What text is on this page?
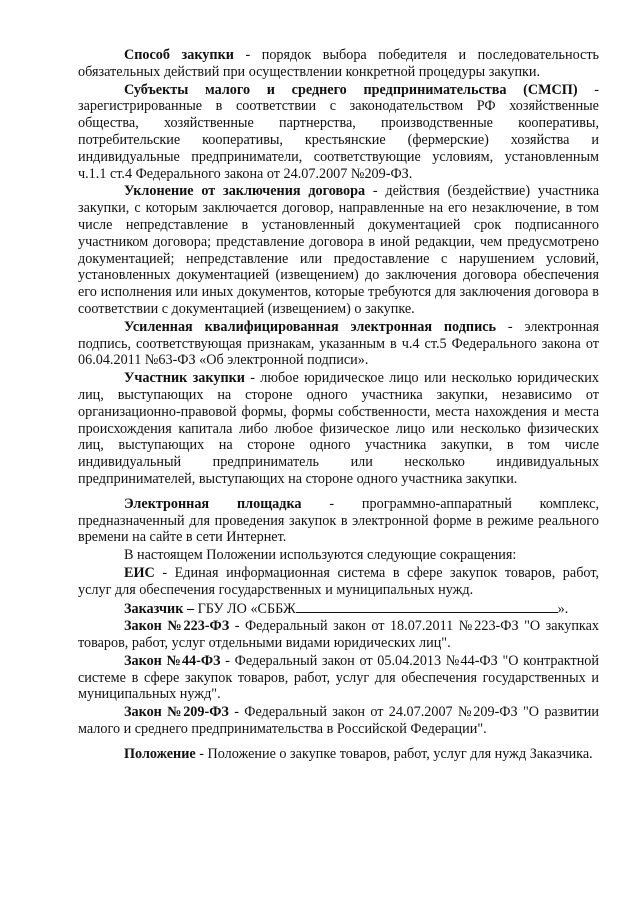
Способ закупки - порядок выбора победителя и последовательность обязательных действий при осуществлении конкретной процедуры закупки.

Субъекты малого и среднего предпринимательства (СМСП) - зарегистрированные в соответствии с законодательством РФ хозяйственные общества, хозяйственные партнерства, производственные кооперативы, потребительские кооперативы, крестьянские (фермерские) хозяйства и индивидуальные предприниматели, соответствующие условиям, установленным ч.1.1 ст.4 Федерального закона от 24.07.2007 №209-ФЗ.

Уклонение от заключения договора - действия (бездействие) участника закупки, с которым заключается договор, направленные на его незаключение, в том числе непредставление в установленный документацией срок подписанного участником договора; представление договора в иной редакции, чем предусмотрено документацией; непредставление или предоставление с нарушением условий, установленных документацией (извещением) до заключения договора обеспечения его исполнения или иных документов, которые требуются для заключения договора в соответствии с документацией (извещением) о закупке.

Усиленная квалифицированная электронная подпись - электронная подпись, соответствующая признакам, указанным в ч.4 ст.5 Федерального закона от 06.04.2011 №63-ФЗ «Об электронной подписи».

Участник закупки - любое юридическое лицо или несколько юридических лиц, выступающих на стороне одного участника закупки, независимо от организационно-правовой формы, формы собственности, места нахождения и места происхождения капитала либо любое физическое лицо или несколько физических лиц, выступающих на стороне одного участника закупки, в том числе индивидуальный предприниматель или несколько индивидуальных предпринимателей, выступающих на стороне одного участника закупки.

Электронная площадка - программно-аппаратный комплекс, предназначенный для проведения закупок в электронной форме в режиме реального времени на сайте в сети Интернет.

В настоящем Положении используются следующие сокращения:

ЕИС - Единая информационная система в сфере закупок товаров, работ, услуг для обеспечения государственных и муниципальных нужд.

Заказчик – ГБУ ЛО «СББЖ	».

Закон №223-ФЗ - Федеральный закон от 18.07.2011 №223-ФЗ "О закупках товаров, работ, услуг отдельными видами юридических лиц".

Закон №44-ФЗ - Федеральный закон от 05.04.2013 №44-ФЗ "О контрактной системе в сфере закупок товаров, работ, услуг для обеспечения государственных и муниципальных нужд".

Закон №209-ФЗ - Федеральный закон от 24.07.2007 №209-ФЗ "О развитии малого и среднего предпринимательства в Российской Федерации".

Положение - Положение о закупке товаров, работ, услуг для нужд Заказчика.
